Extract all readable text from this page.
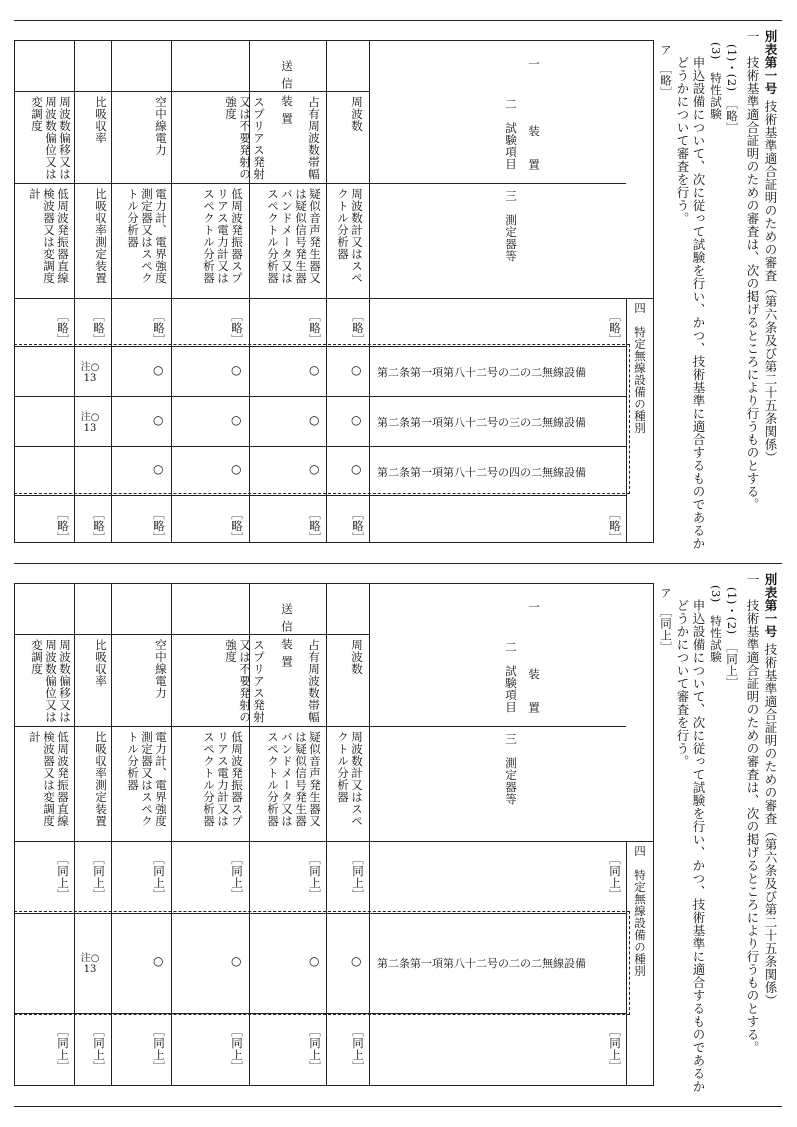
別表第一号
技術基準適合証明のための審査（第六条及び第二十五条関係）
一　技術基準適合証明のための審査は、次の掲げるところにより行うものとする。
(1)・(2)　［略］
(3)　特性試験
申込設備について、次に従って試験を行い、かつ、技術基準に適合するものであるかどうかについて審査を行う。
ア　［略］
一　装置
送信装置
二　試験項目
三　測定器等
四　特定無線設備の種別
周波数
占有周波数帯幅
スプリアス発射又は不要発射の強度
空中線電力
比吸収率
周波数偏移又は周波数偏位又は変調度
周波数計又はスペクトル分析器
疑似音声発生器又は疑似信号発生器バンドメータ又はスペクトル分析器
低周波発振器スプリアス電力計又はスペクトル分析器
電力計、電界強度測定器又はスペクトル分析器
比吸収率測定装置
低周波発振器直線検波器又は変調度計
［略］
［略］
［略］
［略］
［略］
［略］
［略］
第二条第一項第八十二号の二の二無線設備
第二条第一項第八十二号の三の二無線設備
第二条第一項第八十二号の四の二無線設備
○
○
○
○
注○
13
○
○
○
○
注○
13
○
○
○
○
［略］
［略］
［略］
［略］
［略］
［略］
［略］
別表第一号
技術基準適合証明のための審査（第六条及び第二十五条関係）
一　技術基準適合証明のための審査は、次の掲げるところにより行うものとする。
(1)・(2)　［同上］
(3)　特性試験
申込設備について、次に従って試験を行い、かつ、技術基準に適合するものであるかどうかについて審査を行う。
ア　［同上］
一　装置
送信装置
二　試験項目
三　測定器等
四　特定無線設備の種別
周波数
占有周波数帯幅
スプリアス発射又は不要発射の強度
空中線電力
比吸収率
周波数偏移又は周波数偏位又は変調度
周波数計又はスペクトル分析器
疑似音声発生器又は疑似信号発生器バンドメータ又はスペクトル分析器
低周波発振器スプリアス電力計又はスペクトル分析器
電力計、電界強度測定器又はスペクトル分析器
比吸収率測定装置
低周波発振器直線検波器又は変調度計
［同上］
［同上］
［同上］
［同上］
［同上］
［同上］
［同上］
第二条第一項第八十二号の二の二無線設備
○
○
○
○
注○
13
［同上］
［同上］
［同上］
［同上］
［同上］
［同上］
［同上］
